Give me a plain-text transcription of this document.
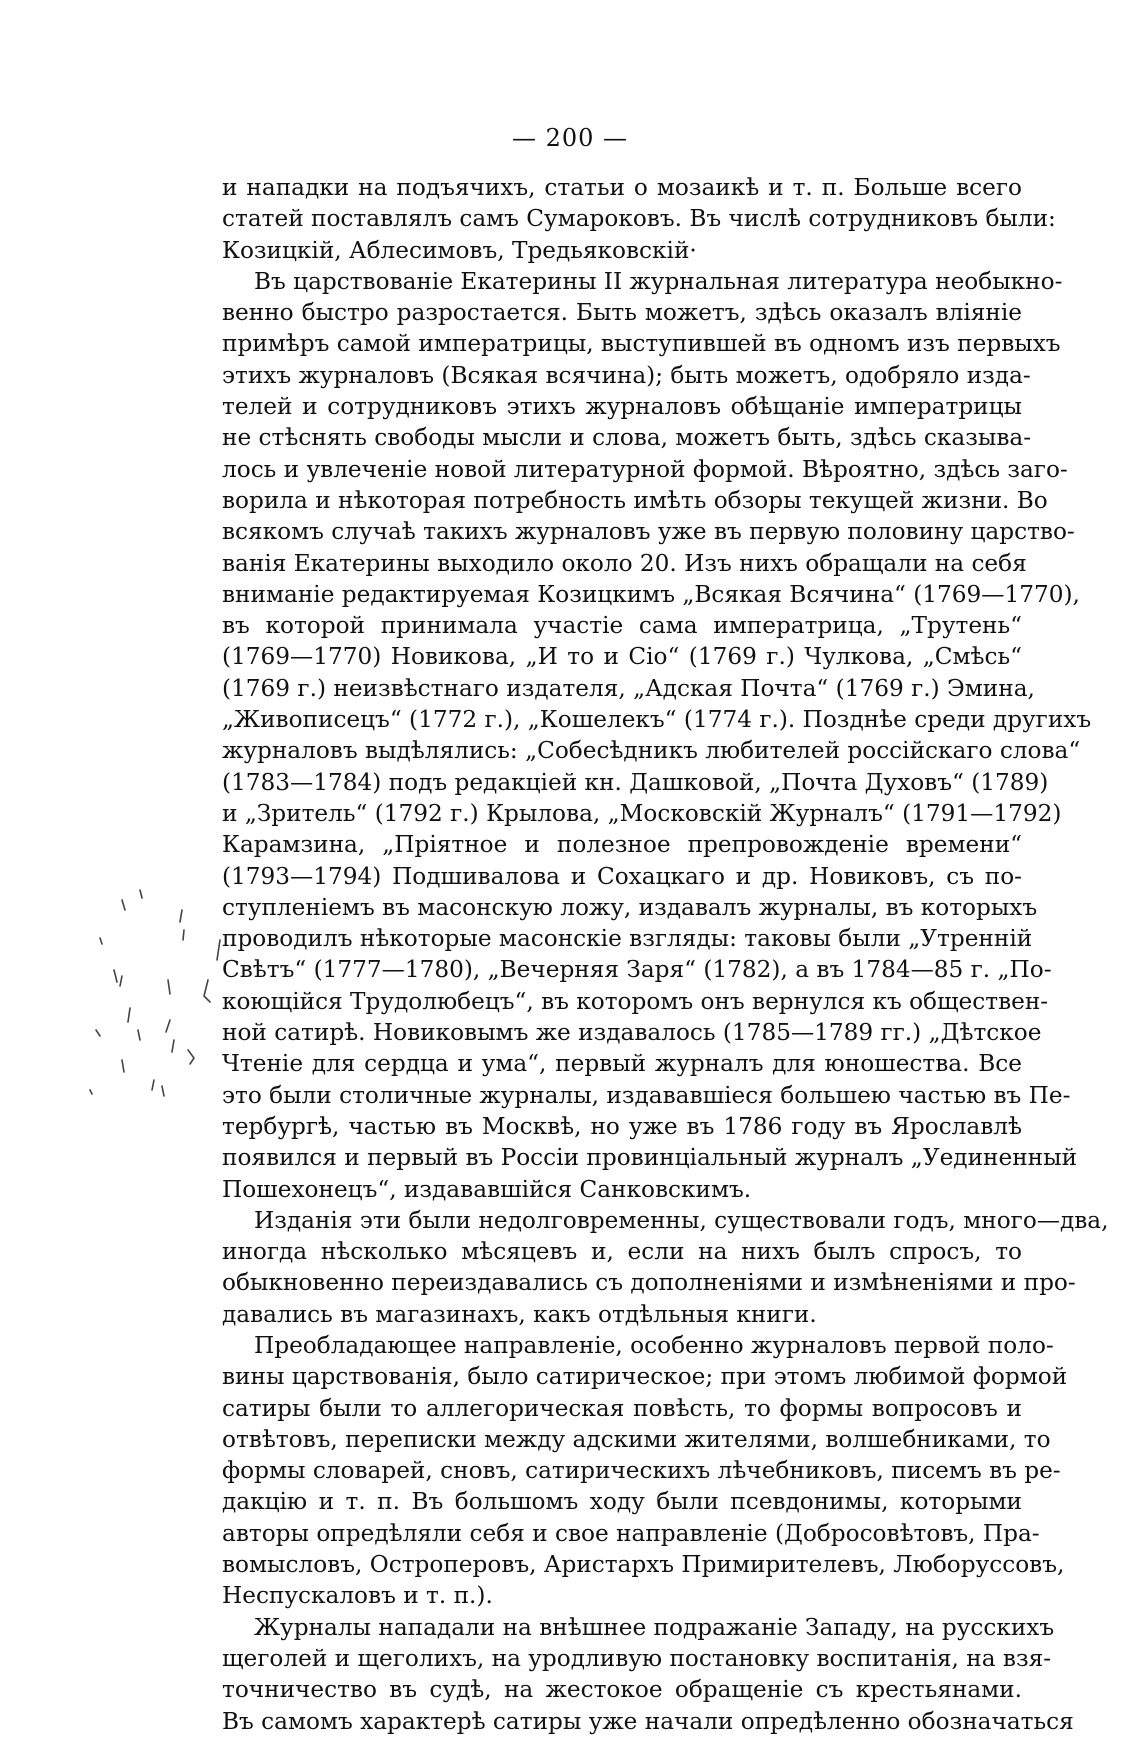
— 200 —
и нападки на подъячихъ, статьи о мозаикѣ и т. п. Больше всего
статей поставлялъ самъ Сумароковъ. Въ числѣ сотрудниковъ были:
Козицкій, Аблесимовъ, Тредьяковскій·
Въ царствованіе Екатерины II журнальная литература необыкно-
венно быстро разростается. Быть можетъ, здѣсь оказалъ вліяніе
примѣръ самой императрицы, выступившей въ одномъ изъ первыхъ
этихъ журналовъ (Всякая всячина); быть можетъ, одобряло изда-
телей и сотрудниковъ этихъ журналовъ обѣщаніе императрицы
не стѣснять свободы мысли и слова, можетъ быть, здѣсь сказыва-
лось и увлеченіе новой литературной формой. Вѣроятно, здѣсь заго-
ворила и нѣкоторая потребность имѣть обзоры текущей жизни. Во
всякомъ случаѣ такихъ журналовъ уже въ первую половину царство-
ванія Екатерины выходило около 20. Изъ нихъ обращали на себя
вниманіе редактируемая Козицкимъ „Всякая Всячина“ (1769—1770),
въ которой принимала участіе сама императрица, „Трутень“
(1769—1770) Новикова, „И то и Сіо“ (1769 г.) Чулкова, „Смѣсь“
(1769 г.) неизвѣстнаго издателя, „Адская Почта“ (1769 г.) Эмина,
„Живописецъ“ (1772 г.), „Кошелекъ“ (1774 г.). Позднѣе среди другихъ
журналовъ выдѣлялись: „Собесѣдникъ любителей россійскаго слова“
(1783—1784) подъ редакціей кн. Дашковой, „Почта Духовъ“ (1789)
и „Зритель“ (1792 г.) Крылова, „Московскій Журналъ“ (1791—1792)
Карамзина, „Пріятное и полезное препровожденіе времени“
(1793—1794) Подшивалова и Сохацкаго и др. Новиковъ, съ по-
ступленіемъ въ масонскую ложу, издавалъ журналы, въ которыхъ
проводилъ нѣкоторые масонскіе взгляды: таковы были „Утренній
Свѣтъ“ (1777—1780), „Вечерняя Заря“ (1782), а въ 1784—85 г. „По-
коющійся Трудолюбецъ“, въ которомъ онъ вернулся къ обществен-
ной сатирѣ. Новиковымъ же издавалось (1785—1789 гг.) „Дѣтское
Чтеніе для сердца и ума“, первый журналъ для юношества. Все
это были столичные журналы, издававшіеся большею частью въ Пе-
тербургѣ, частью въ Москвѣ, но уже въ 1786 году въ Ярославлѣ
появился и первый въ Россіи провинціальный журналъ „Уединенный
Пошехонецъ“, издававшійся Санковскимъ.
Изданія эти были недолговременны, существовали годъ, много—два,
иногда нѣсколько мѣсяцевъ и, если на нихъ былъ спросъ, то
обыкновенно переиздавались съ дополненіями и измѣненіями и про-
давались въ магазинахъ, какъ отдѣльныя книги.
Преобладающее направленіе, особенно журналовъ первой поло-
вины царствованія, было сатирическое; при этомъ любимой формой
сатиры были то аллегорическая повѣсть, то формы вопросовъ и
отвѣтовъ, переписки между адскими жителями, волшебниками, то
формы словарей, сновъ, сатирическихъ лѣчебниковъ, писемъ въ ре-
дакцію и т. п. Въ большомъ ходу были псевдонимы, которыми
авторы опредѣляли себя и свое направленіе (Добросовѣтовъ, Пра-
вомысловъ, Остроперовъ, Аристархъ Примирителевъ, Люборуссовъ,
Неспускаловъ и т. п.).
Журналы нападали на внѣшнее подражаніе Западу, на русскихъ
щеголей и щеголихъ, на уродливую постановку воспитанія, на взя-
точничество въ судѣ, на жестокое обращеніе съ крестьянами.
Въ самомъ характерѣ сатиры уже начали опредѣленно обозначаться
